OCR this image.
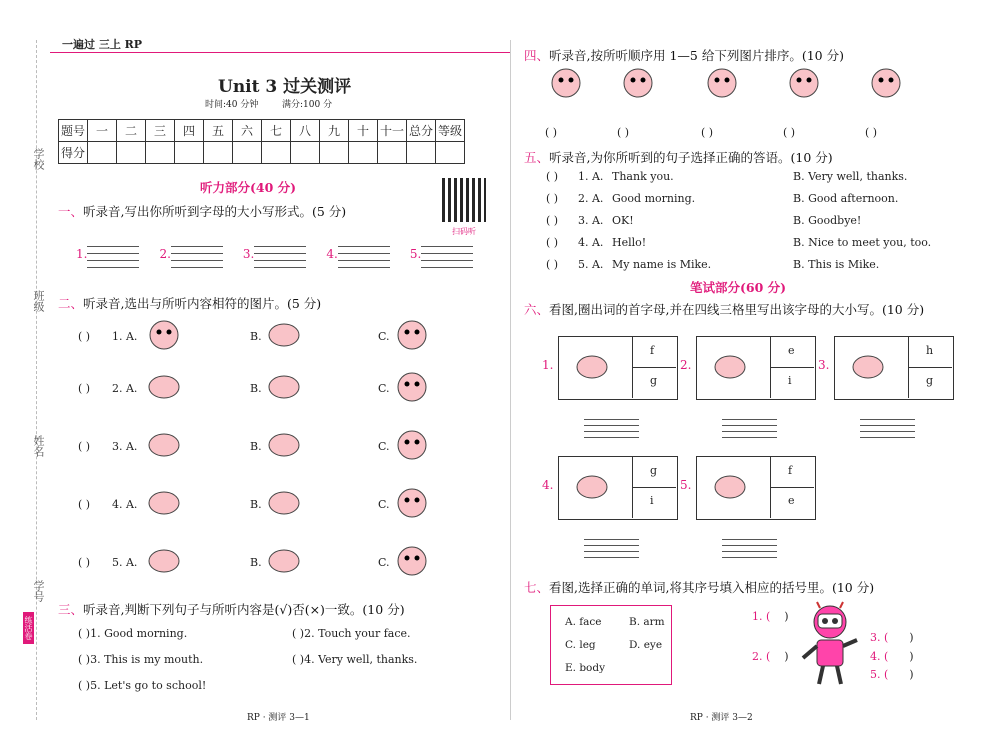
学校
班级
姓名
学号
练活卷
一遍过 三上 RP
Unit 3 过关测评
时间:40 分钟	满分:100 分
题号	一	二	三	四	五	六	七	八	九	十	十一	总分	等级
得分													
听力部分(40 分)
扫码听
一、听录音,写出你所听到字母的大小写形式。(5 分)
1.	2.	3.	4.	5.
二、听录音,选出与所听内容相符的图片。(5 分)
三、听录音,判断下列句子与所听内容是(√)否(×)一致。(10 分)
( )1. Good morning.	( )2. Touch your face.
( )3. This is my mouth.	( )4. Very well, thanks.
( )5. Let's go to school!
RP · 测评 3—1
四、听录音,按所听顺序用 1—5 给下列图片排序。(10 分)
五、听录音,为你所听到的句子选择正确的答语。(10 分)
笔试部分(60 分)
六、看图,圈出词的首字母,并在四线三格里写出该字母的大小写。(10 分)
七、看图,选择正确的单词,将其序号填入相应的括号里。(10 分)
A. face	B. arm
C. leg	D. eye
E. body
1. ( )
2. ( )
3. ( )
4. ( )
5. ( )
RP · 测评 3—2
( ) 1. A.	B.	C.
( ) 2. A.	B.	C.
( ) 3. A.	B.	C.
( ) 4. A.	B.	C.
( ) 5. A.	B.	C.
( )	( )	( )	( )	( )
( ) 1. A. Thank you.	B. Very well, thanks.
( ) 2. A. Good morning.	B. Good afternoon.
( ) 3. A. OK!	B. Goodbye!
( ) 4. A. Hello!	B. Nice to meet you, too.
( ) 5. A. My name is Mike.	B. This is Mike.
1.
f
g
2.
e
i
3.
h
g
4.
g
i
5.
f
e
